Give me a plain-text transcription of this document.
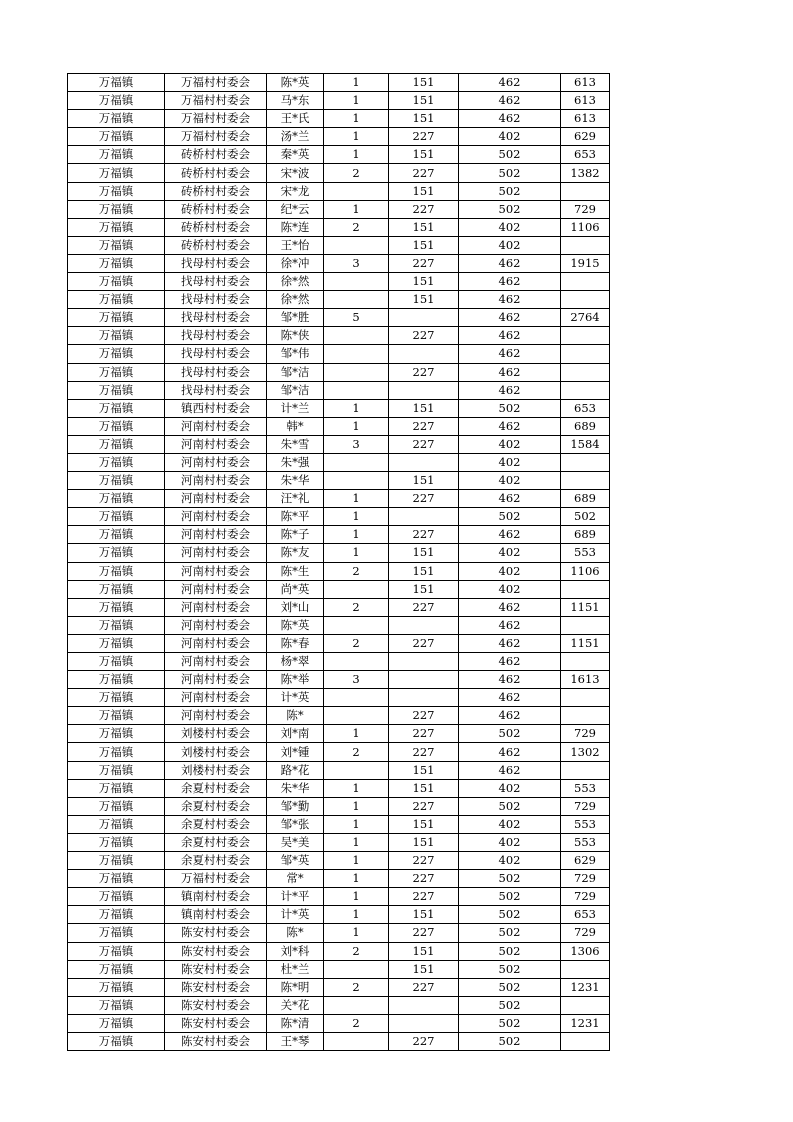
万福镇	万福村村委会	陈*英	1	151	462	613
万福镇	万福村村委会	马*东	1	151	462	613
万福镇	万福村村委会	王*氏	1	151	462	613
万福镇	万福村村委会	汤*兰	1	227	402	629
万福镇	砖桥村村委会	秦*英	1	151	502	653
万福镇	砖桥村村委会	宋*波	2	227	502	1382
万福镇	砖桥村村委会	宋*龙		151	502	
万福镇	砖桥村村委会	纪*云	1	227	502	729
万福镇	砖桥村村委会	陈*连	2	151	402	1106
万福镇	砖桥村村委会	王*怡		151	402	
万福镇	找母村村委会	徐*冲	3	227	462	1915
万福镇	找母村村委会	徐*然		151	462	
万福镇	找母村村委会	徐*然		151	462	
万福镇	找母村村委会	邹*胜	5		462	2764
万福镇	找母村村委会	陈*侠		227	462	
万福镇	找母村村委会	邹*伟			462	
万福镇	找母村村委会	邹*洁		227	462	
万福镇	找母村村委会	邹*洁			462	
万福镇	镇西村村委会	计*兰	1	151	502	653
万福镇	河南村村委会	韩*	1	227	462	689
万福镇	河南村村委会	朱*雪	3	227	402	1584
万福镇	河南村村委会	朱*强			402	
万福镇	河南村村委会	朱*华		151	402	
万福镇	河南村村委会	汪*礼	1	227	462	689
万福镇	河南村村委会	陈*平	1		502	502
万福镇	河南村村委会	陈*子	1	227	462	689
万福镇	河南村村委会	陈*友	1	151	402	553
万福镇	河南村村委会	陈*生	2	151	402	1106
万福镇	河南村村委会	尚*英		151	402	
万福镇	河南村村委会	刘*山	2	227	462	1151
万福镇	河南村村委会	陈*英			462	
万福镇	河南村村委会	陈*春	2	227	462	1151
万福镇	河南村村委会	杨*翠			462	
万福镇	河南村村委会	陈*举	3		462	1613
万福镇	河南村村委会	计*英			462	
万福镇	河南村村委会	陈*		227	462	
万福镇	刘楼村村委会	刘*南	1	227	502	729
万福镇	刘楼村村委会	刘*锺	2	227	462	1302
万福镇	刘楼村村委会	路*花		151	462	
万福镇	余夏村村委会	朱*华	1	151	402	553
万福镇	余夏村村委会	邹*勤	1	227	502	729
万福镇	余夏村村委会	邹*张	1	151	402	553
万福镇	余夏村村委会	吴*美	1	151	402	553
万福镇	余夏村村委会	邹*英	1	227	402	629
万福镇	万福村村委会	常*	1	227	502	729
万福镇	镇南村村委会	计*平	1	227	502	729
万福镇	镇南村村委会	计*英	1	151	502	653
万福镇	陈安村村委会	陈*	1	227	502	729
万福镇	陈安村村委会	刘*科	2	151	502	1306
万福镇	陈安村村委会	杜*兰		151	502	
万福镇	陈安村村委会	陈*明	2	227	502	1231
万福镇	陈安村村委会	关*花			502	
万福镇	陈安村村委会	陈*清	2		502	1231
万福镇	陈安村村委会	王*琴		227	502	
